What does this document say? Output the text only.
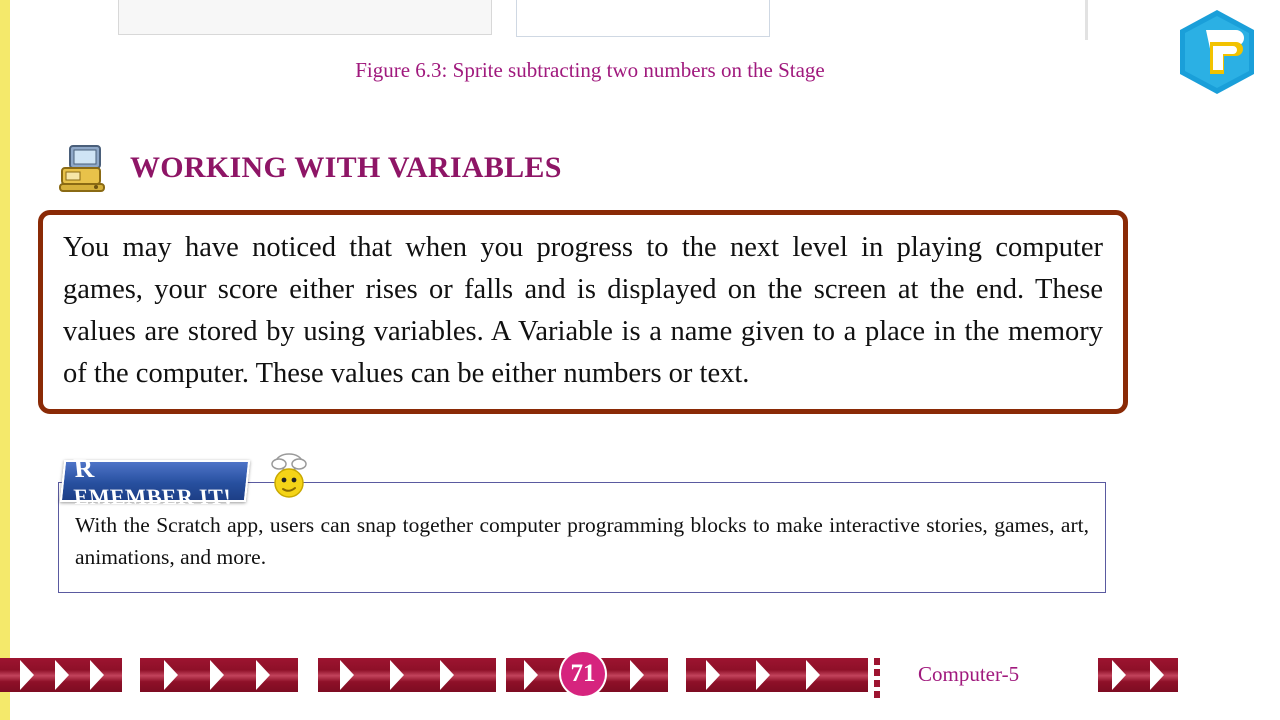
Figure 6.3: Sprite subtracting two numbers on the Stage
WORKING WITH VARIABLES

You may have noticed that when you progress to the next level in playing computer games, your score either rises or falls and is displayed on the screen at the end. These values are stored by using variables. A Variable is a name given to a place in the memory of the computer. These values can be either numbers or text.

With the Scratch app, users can snap together computer programming blocks to make interactive stories, games, art, animations, and more.

R
EMEMBER IT!
71	Computer-5
